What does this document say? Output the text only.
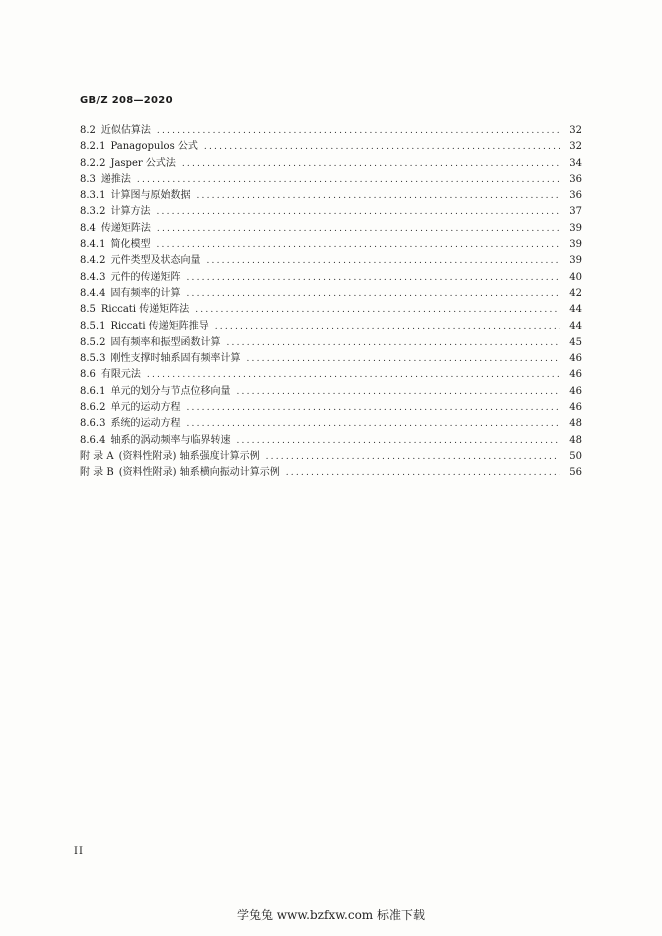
GB/Z 208—2020
8.2 近似估算法 .....	32
8.2.1 Panagopulos 公式 .....	32
8.2.2 Jasper 公式法 .....	34
8.3 递推法 .....	36
8.3.1 计算图与原始数据 .....	36
8.3.2 计算方法 .....	37
8.4 传递矩阵法 .....	39
8.4.1 简化模型 .....	39
8.4.2 元件类型及状态向量 .....	39
8.4.3 元件的传递矩阵 .....	40
8.4.4 固有频率的计算 .....	42
8.5 Riccati 传递矩阵法 .....	44
8.5.1 Riccati 传递矩阵推导 .....	44
8.5.2 固有频率和振型函数计算 .....	45
8.5.3 刚性支撑时轴系固有频率计算 .....	46
8.6 有限元法 .....	46
8.6.1 单元的划分与节点位移向量 .....	46
8.6.2 单元的运动方程 .....	46
8.6.3 系统的运动方程 .....	48
8.6.4 轴系的涡动频率与临界转速 .....	48
附 录 A (资料性附录) 轴系强度计算示例 .....	50
附 录 B (资料性附录) 轴系横向振动计算示例 .....	56
II
学兔兔 www.bzfxw.com 标准下载
